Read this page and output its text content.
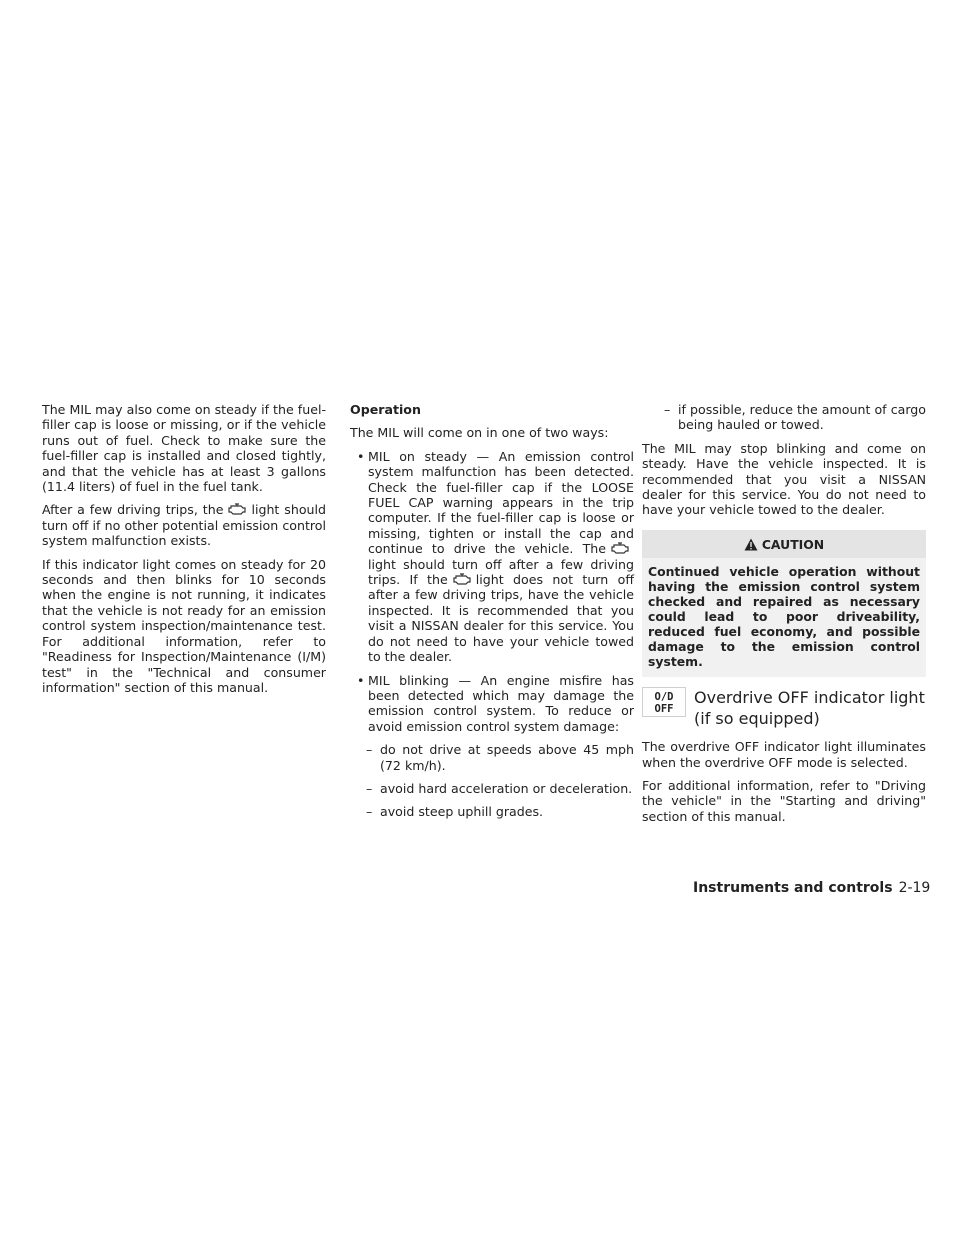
The MIL may also come on steady if the fuel-filler cap is loose or missing, or if the vehicle runs out of fuel. Check to make sure the fuel-filler cap is installed and closed tightly, and that the vehicle has at least 3 gallons (11.4 liters) of fuel in the fuel tank.

After a few driving trips, the light should turn off if no other potential emission control system malfunction exists.

If this indicator light comes on steady for 20 seconds and then blinks for 10 seconds when the engine is not running, it indicates that the vehicle is not ready for an emission control system inspection/maintenance test. For additional information, refer to "Readiness for Inspection/Maintenance (I/M) test" in the "Technical and consumer information" section of this manual.

Operation

The MIL will come on in one of two ways:

• MIL on steady — An emission control system malfunction has been detected. Check the fuel-filler cap if the LOOSE FUEL CAP warning appears in the trip computer. If the fuel-filler cap is loose or missing, tighten or install the cap and continue to drive the vehicle. Thelight should turn off after a few driving trips. If the light does not turn off after a few driving trips, have the vehicle inspected. It is recommended that you visit a NISSAN dealer for this service. You do not need to have your vehicle towed to the dealer.
• MIL blinking — An engine misfire has been detected which may damage the emission control system. To reduce or avoid emission control system damage:
– do not drive at speeds above 45 mph (72 km/h).
– avoid hard acceleration or deceleration.
– avoid steep uphill grades.
– if possible, reduce the amount of cargo being hauled or towed.

The MIL may stop blinking and come on steady. Have the vehicle inspected. It is recommended that you visit a NISSAN dealer for this service. You do not need to have your vehicle towed to the dealer.

CAUTION
Continued vehicle operation without having the emission control system checked and repaired as necessary could lead to poor driveability, reduced fuel economy, and possible damage to the emission control system.
O/D
OFF
Overdrive OFF indicator light (if so equipped)

The overdrive OFF indicator light illuminates when the overdrive OFF mode is selected.

For additional information, refer to "Driving the vehicle" in the "Starting and driving" section of this manual.

Instruments and controls 2-19
